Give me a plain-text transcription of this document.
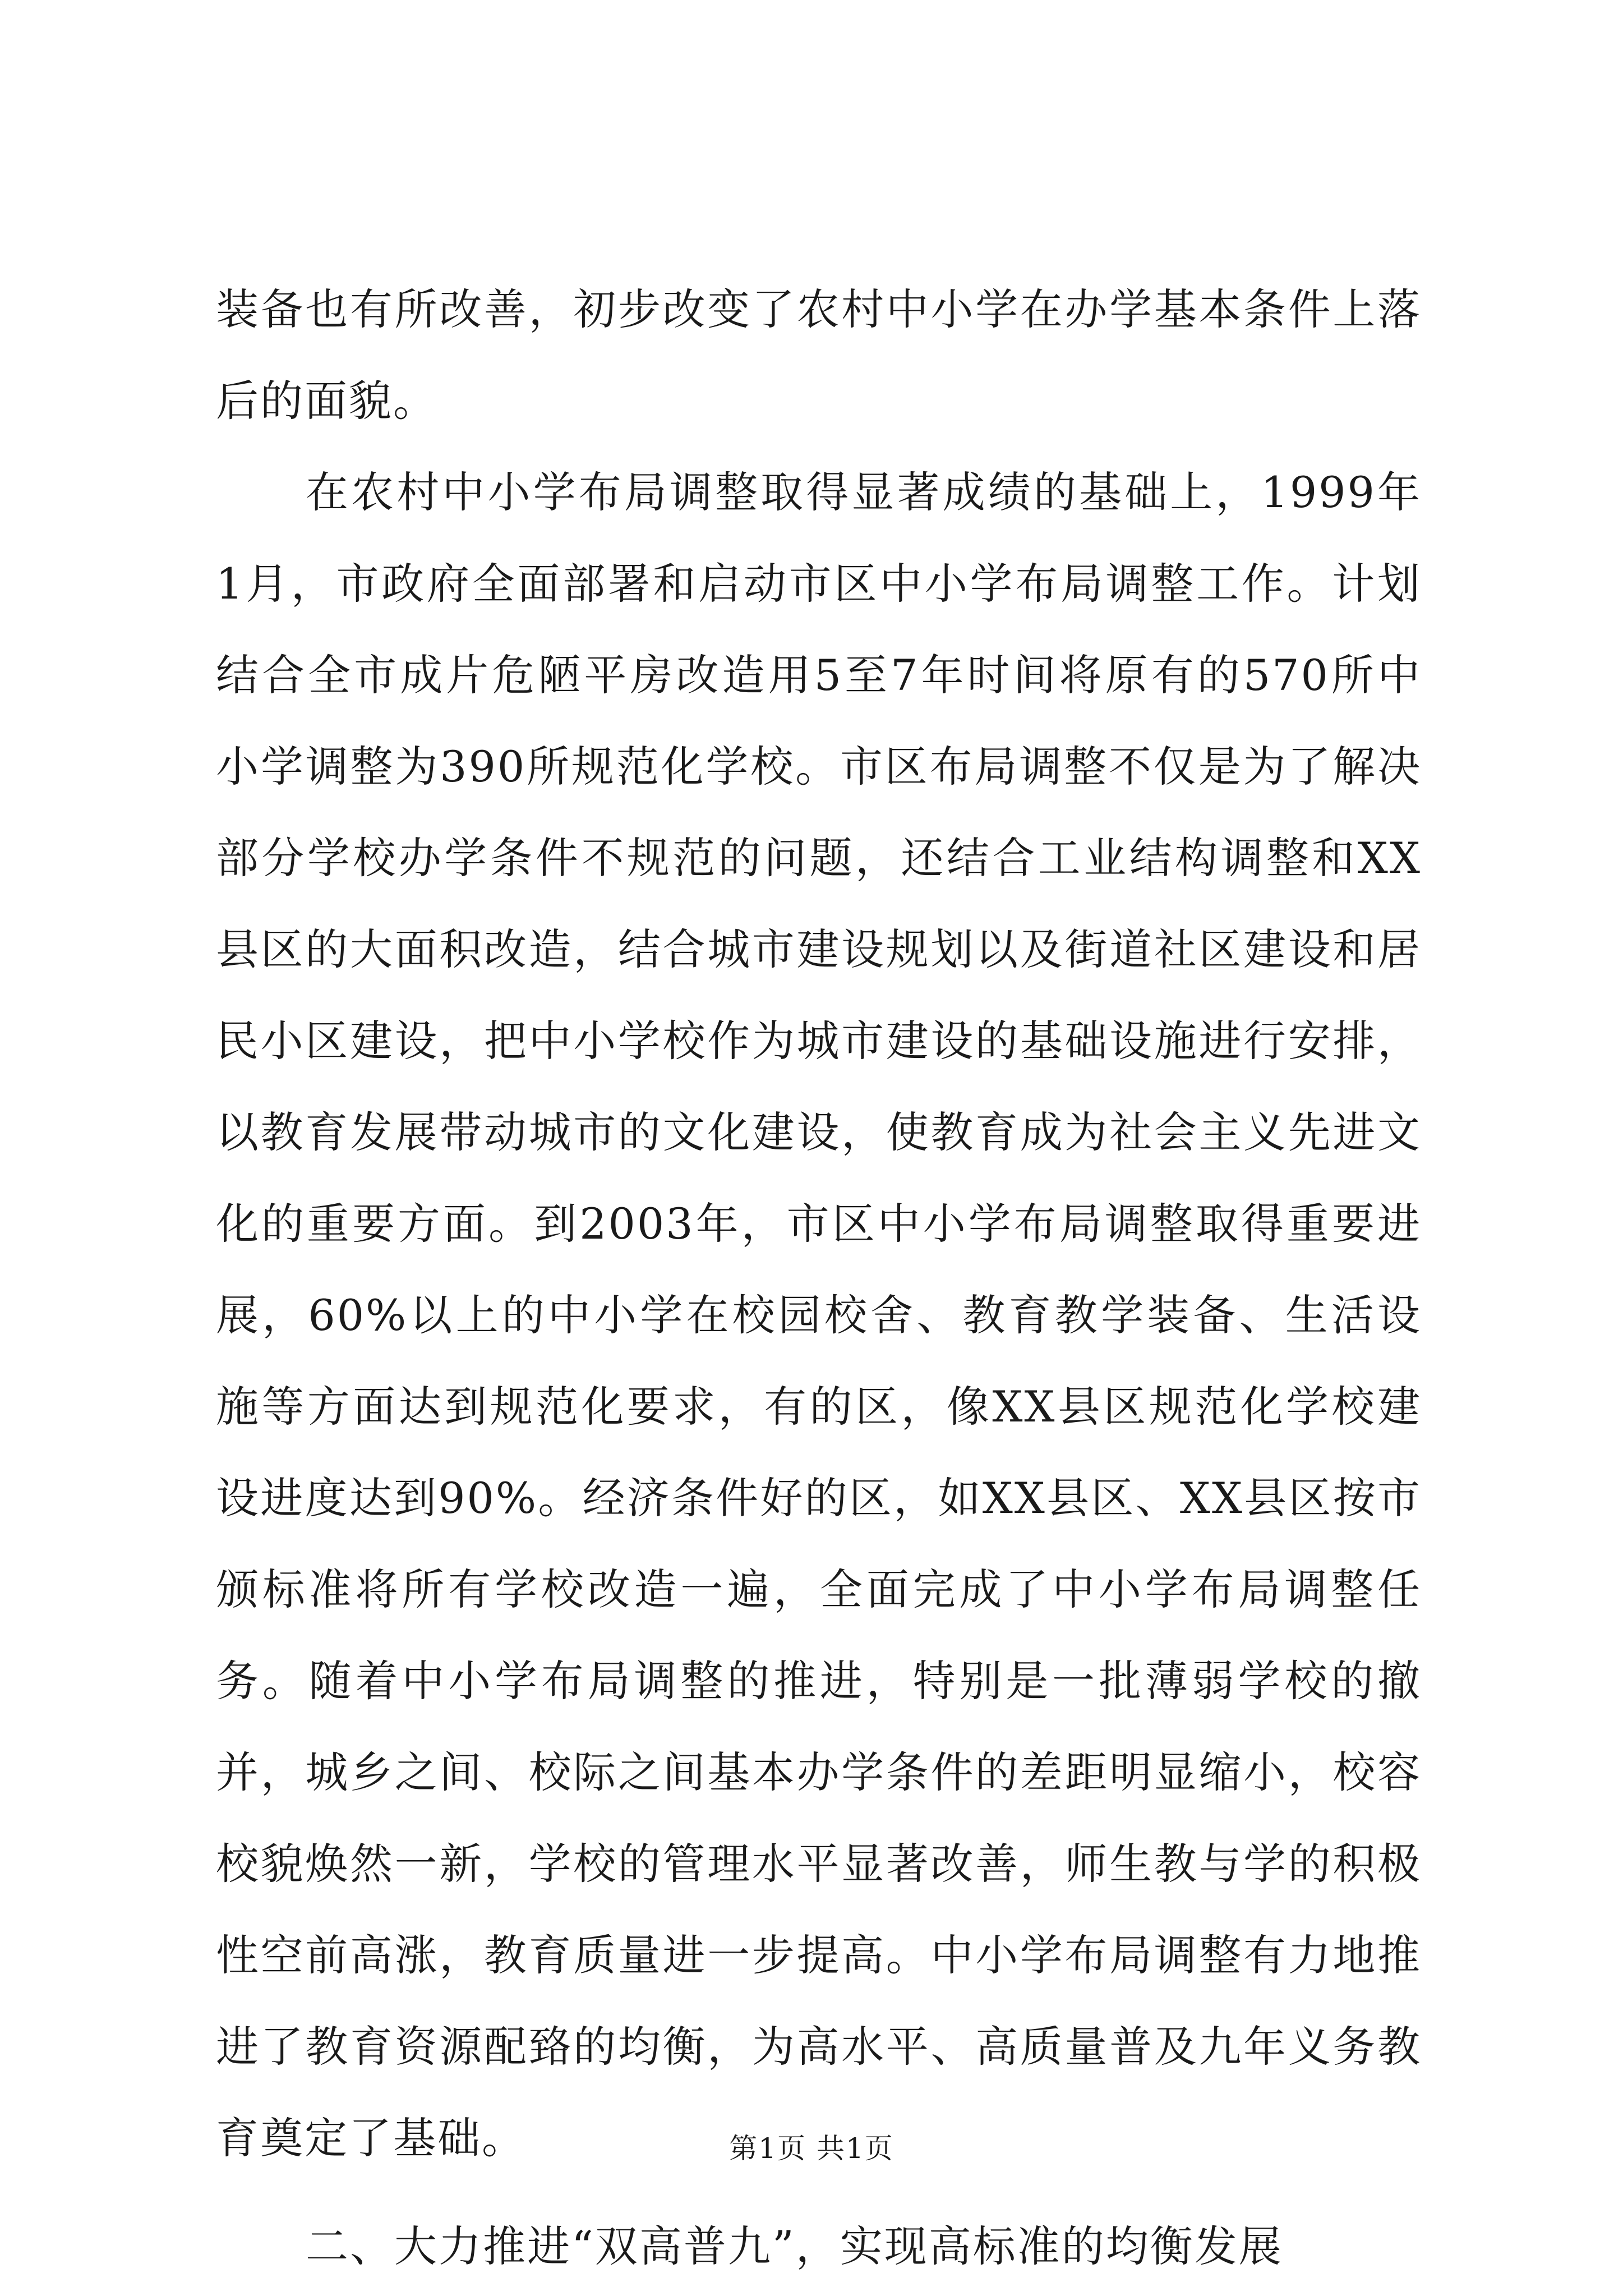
装备也有所改善，初步改变了农村中小学在办学基本条件上落后的面貌。

在农村中小学布局调整取得显著成绩的基础上，1999年1月，市政府全面部署和启动市区中小学布局调整工作。计划结合全市成片危陋平房改造用5至7年时间将原有的570所中小学调整为390所规范化学校。市区布局调整不仅是为了解决部分学校办学条件不规范的问题，还结合工业结构调整和XX县区的大面积改造，结合城市建设规划以及街道社区建设和居民小区建设，把中小学校作为城市建设的基础设施进行安排，以教育发展带动城市的文化建设，使教育成为社会主义先进文化的重要方面。到2003年，市区中小学布局调整取得重要进展，60%以上的中小学在校园校舍、教育教学装备、生活设施等方面达到规范化要求，有的区，像XX县区规范化学校建设进度达到90%。经济条件好的区，如XX县区、XX县区按市颁标准将所有学校改造一遍，全面完成了中小学布局调整任务。随着中小学布局调整的推进，特别是一批薄弱学校的撤并，城乡之间、校际之间基本办学条件的差距明显缩小，校容校貌焕然一新，学校的管理水平显著改善，师生教与学的积极性空前高涨，教育质量进一步提高。中小学布局调整有力地推进了教育资源配臵的均衡，为高水平、高质量普及九年义务教育奠定了基础。

二、大力推进“双高普九”，实现高标准的均衡发展

第1页 共1页
